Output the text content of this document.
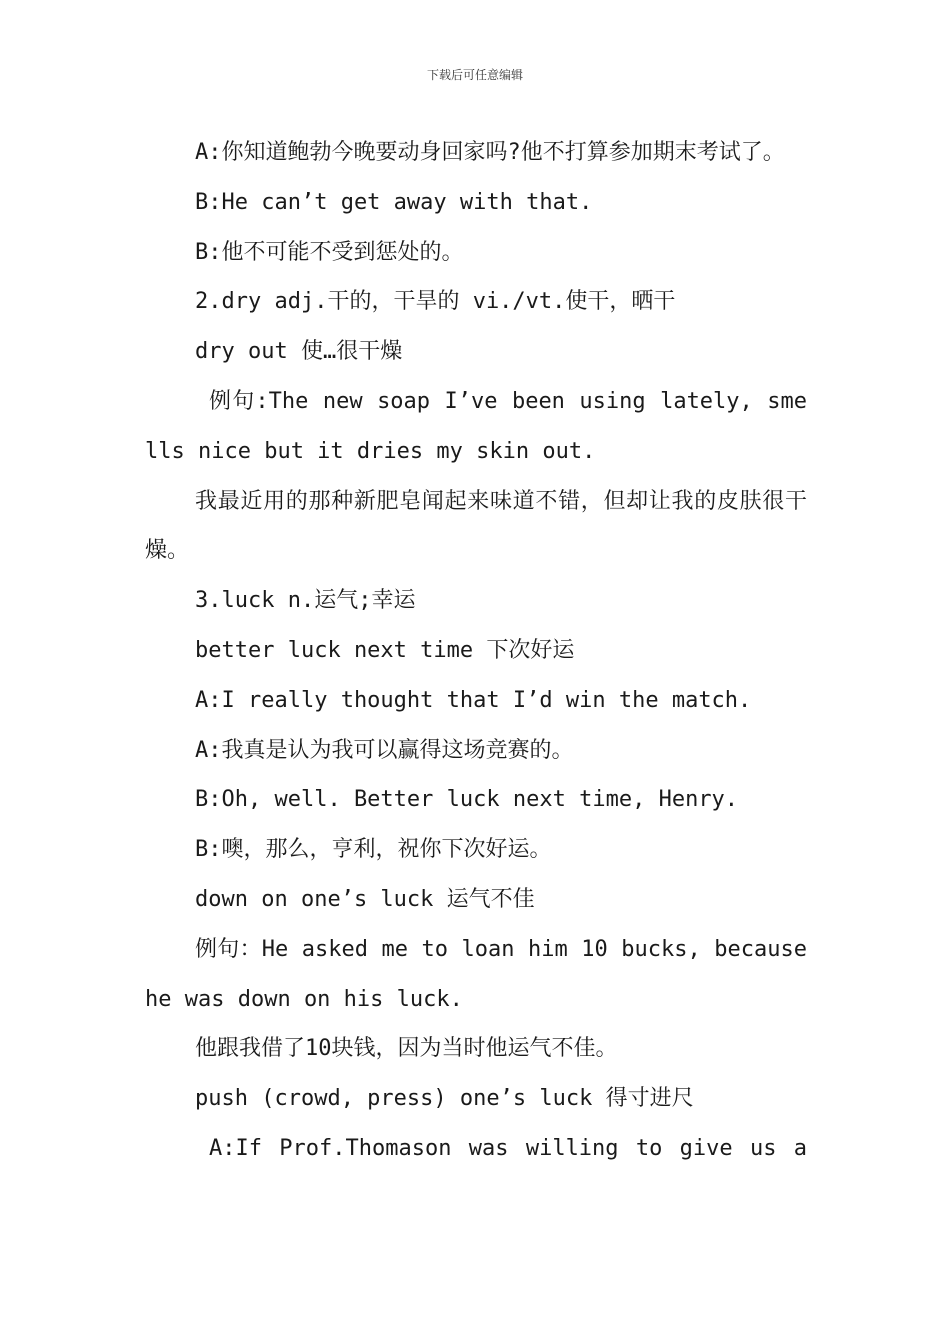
下载后可任意编辑

A:你知道鲍勃今晚要动身回家吗?他不打算参加期末考试了。

B:He can’t get away with that.

B:他不可能不受到惩处的。

2.dry adj.干的，干旱的 vi./vt.使干，晒干

dry out 使…很干燥

例句:The new soap I’ve been using lately, smells nice but it dries my skin out.

我最近用的那种新肥皂闻起来味道不错，但却让我的皮肤很干燥。

3.luck n.运气;幸运

better luck next time 下次好运

A:I really thought that I’d win the match.

A:我真是认为我可以赢得这场竞赛的。

B:Oh, well. Better luck next time, Henry.

B:噢，那么，亨利，祝你下次好运。

down on one’s luck 运气不佳

例句：He asked me to loan him 10 bucks, because he was down on his luck.

他跟我借了10块钱，因为当时他运气不佳。

push (crowd, press) one’s luck 得寸进尺

A:If Prof.Thomason was willing to give us a
